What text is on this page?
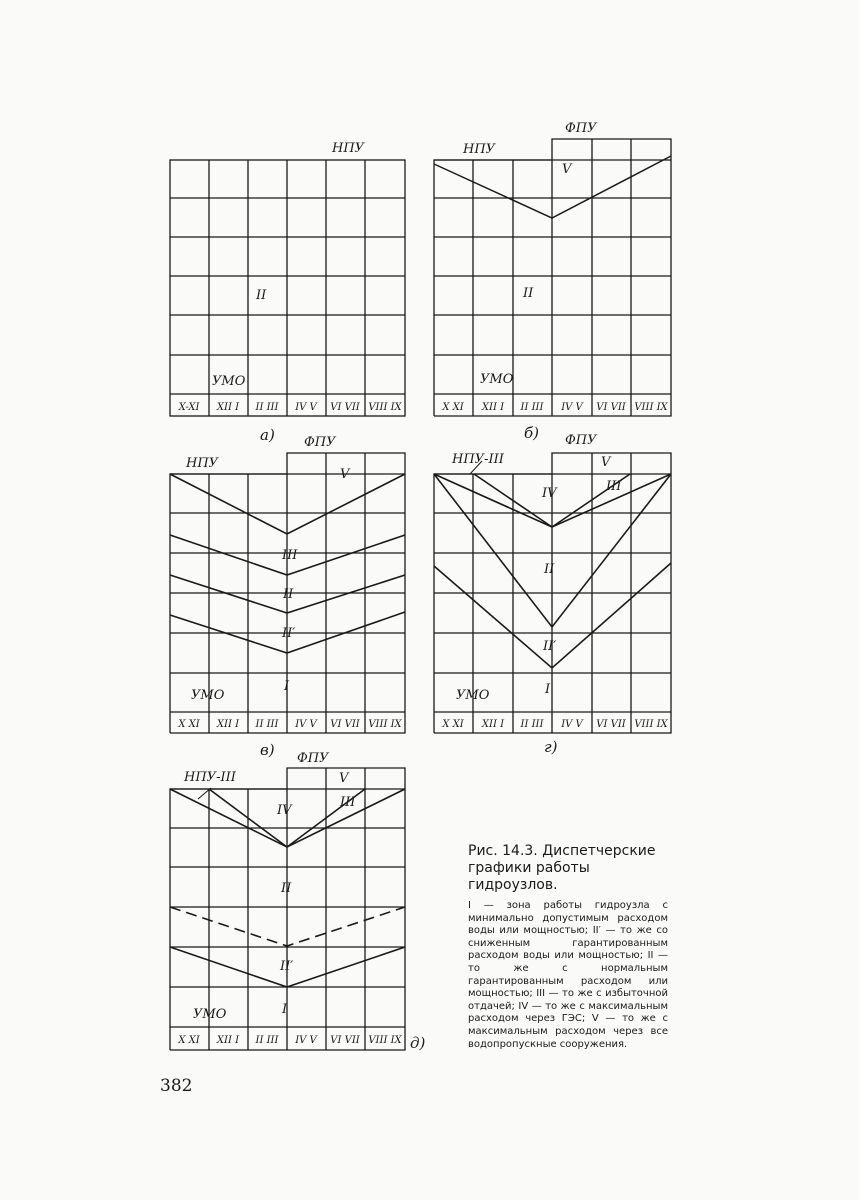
НПУ
II
УМО
X-XI XII I II III IV V VI VII VIII IX
а)
НПУ
ФПУ
V
II
УМО
X XI XII I II III IV V VI VII VIII IX
б)
НПУ
ФПУ
V
III
II
II′
I
УМО
X XI XII I II III IV V VI VII VIII IX
в)
НПУ-III
ФПУ
V
IV	III
II
II′
I
УМО
X XI XII I II III IV V VI VII VIII IX
г)
НПУ-III
ФПУ
V
IV
III
II
II′
I
УМО
X XI XII I II III IV V VI VII VIII IX д)

Рис. 14.3. Диспетчерские графики работы гидроузлов.

I — зона работы гидроузла с минимально допустимым расходом воды или мощностью; II′ — то же со сниженным гарантированным расходом воды или мощностью; II — то же с нормальным гарантированным расходом или мощностью; III — то же с избыточной отдачей; IV — то же с максимальным расходом через ГЭС; V — то же с максимальным расходом через все водопропускные сооружения.

382
